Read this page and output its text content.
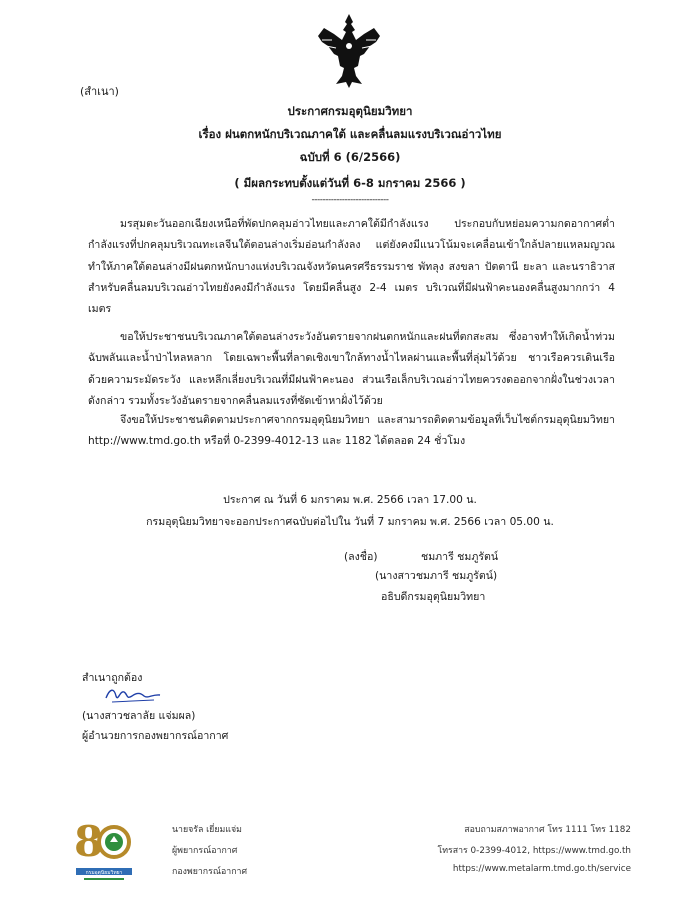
(สำเนา)
ประกาศกรมอุตุนิยมวิทยา
เรื่อง ฝนตกหนักบริเวณภาคใต้ และคลื่นลมแรงบริเวณอ่าวไทย
ฉบับที่ 6 (6/2566)
( มีผลกระทบตั้งแต่วันที่ 6-8 มกราคม 2566 )
----------------------------
มรสุมตะวันออกเฉียงเหนือที่พัดปกคลุมอ่าวไทยและภาคใต้มีกำลังแรง ประกอบกับหย่อมความกดอากาศต่ำกำลังแรงที่ปกคลุมบริเวณทะเลจีนใต้ตอนล่างเริ่มอ่อนกำลังลง แต่ยังคงมีแนวโน้มจะเคลื่อนเข้าใกล้ปลายแหลมญวณทำให้ภาคใต้ตอนล่างมีฝนตกหนักบางแห่งบริเวณจังหวัดนครศรีธรรมราช พัทลุง สงขลา ปัตตานี ยะลา และนราธิวาส สำหรับคลื่นลมบริเวณอ่าวไทยยังคงมีกำลังแรง โดยมีคลื่นสูง 2-4 เมตร บริเวณที่มีฝนฟ้าคะนองคลื่นสูงมากกว่า 4 เมตร
ขอให้ประชาชนบริเวณภาคใต้ตอนล่างระวังอันตรายจากฝนตกหนักและฝนที่ตกสะสม ซึ่งอาจทำให้เกิดน้ำท่วมฉับพลันและน้ำป่าไหลหลาก โดยเฉพาะพื้นที่ลาดเชิงเขาใกล้ทางน้ำไหลผ่านและพื้นที่ลุ่มไว้ด้วย ชาวเรือควรเดินเรือด้วยความระมัดระวัง และหลีกเลี่ยงบริเวณที่มีฝนฟ้าคะนอง ส่วนเรือเล็กบริเวณอ่าวไทยควรงดออกจากฝั่งในช่วงเวลาดังกล่าว รวมทั้งระวังอันตรายจากคลื่นลมแรงที่ซัดเข้าหาฝั่งไว้ด้วย
จึงขอให้ประชาชนติดตามประกาศจากกรมอุตุนิยมวิทยา และสามารถติดตามข้อมูลที่เว็บไซต์กรมอุตุนิยมวิทยา http://www.tmd.go.th หรือที่ 0-2399-4012-13 และ 1182 ได้ตลอด 24 ชั่วโมง
ประกาศ ณ วันที่ 6 มกราคม พ.ศ. 2566 เวลา 17.00 น.
กรมอุตุนิยมวิทยาจะออกประกาศฉบับต่อไปใน วันที่ 7 มกราคม พ.ศ. 2566 เวลา 05.00 น.
(ลงชื่อ)	ชมภารี ชมภูรัตน์
(นางสาวชมภารี ชมภูรัตน์)
อธิบดีกรมอุตุนิยมวิทยา
สำเนาถูกต้อง
(นางสาวชลาลัย แจ่มผล)
ผู้อำนวยการกองพยากรณ์อากาศ
8
กรมอุตุนิยมวิทยา
นายจรัล เยี่ยมแจ่ม
ผู้พยากรณ์อากาศ
กองพยากรณ์อากาศ
สอบถามสภาพอากาศ โทร 1111 โทร 1182
โทรสาร 0-2399-4012, https://www.tmd.go.th
https://www.metalarm.tmd.go.th/service
